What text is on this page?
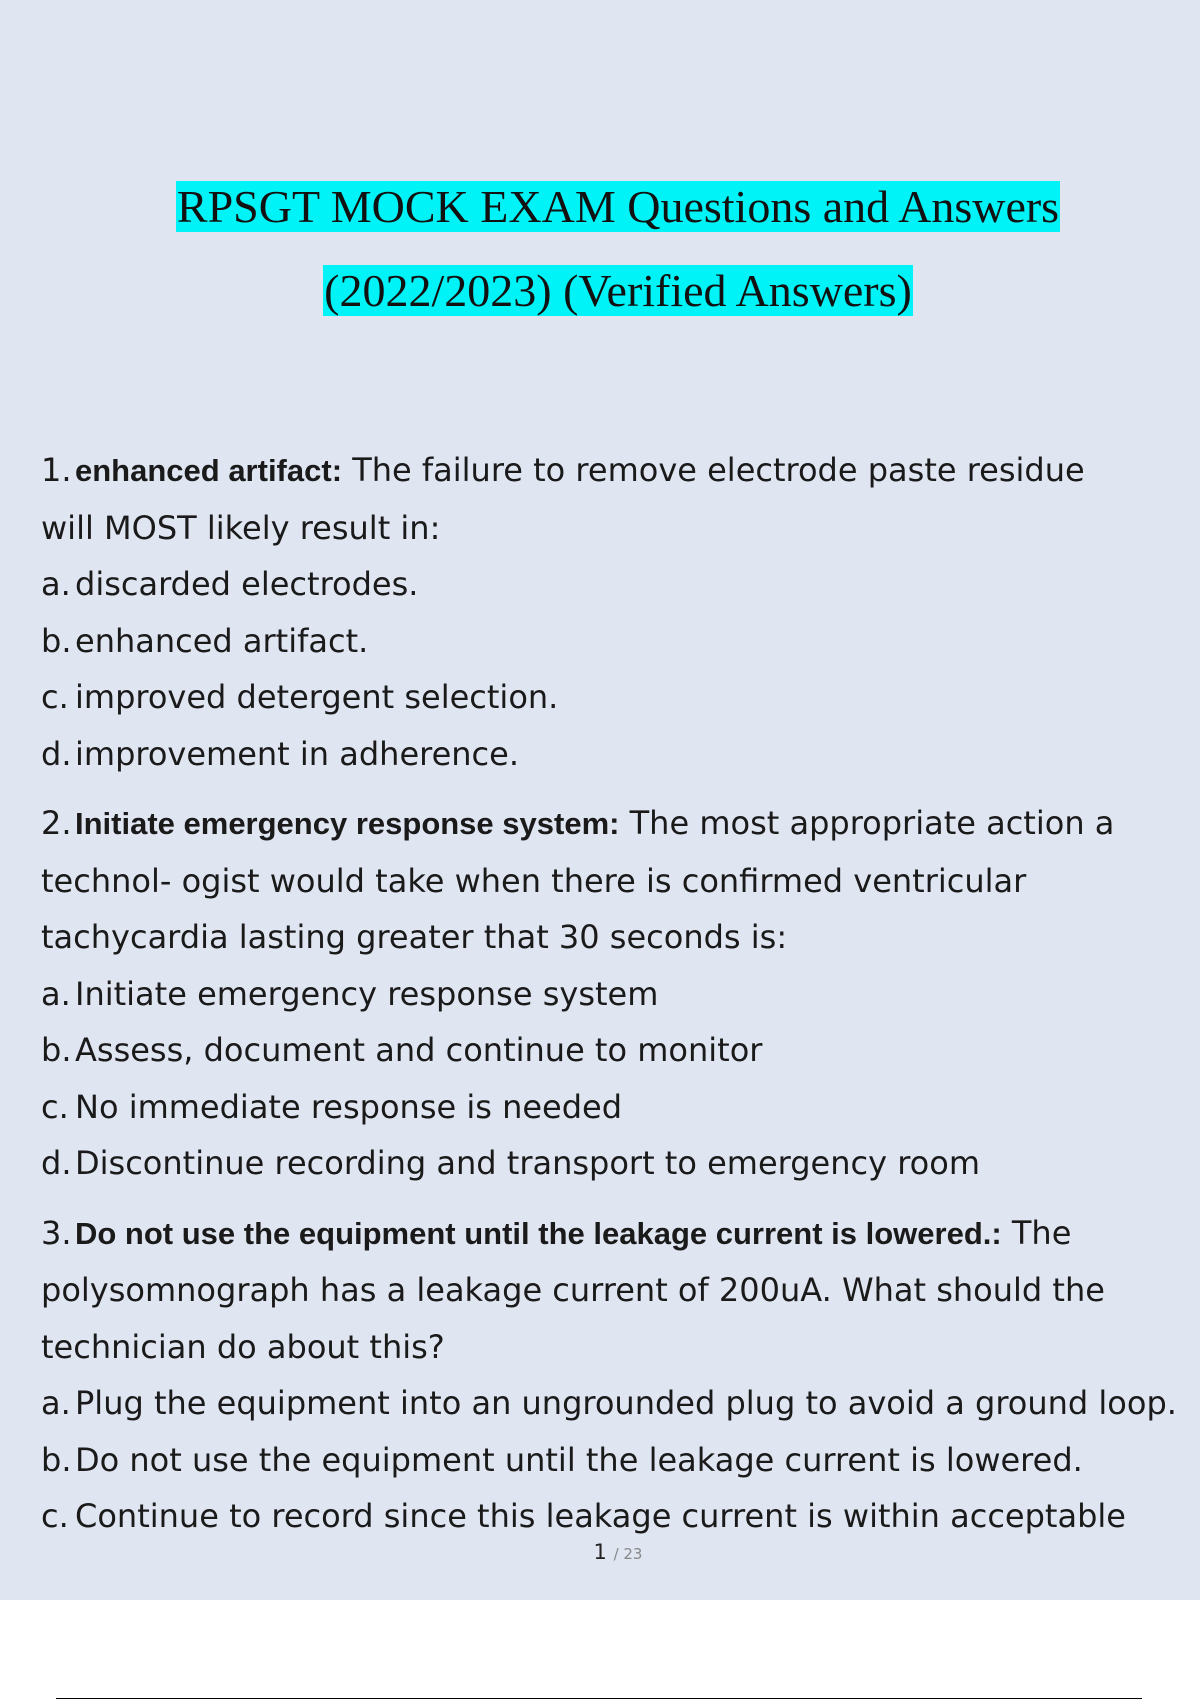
RPSGT MOCK EXAM Questions and Answers
(2022/2023) (Verified Answers)
1. enhanced artifact: The failure to remove electrode paste residue
will MOST likely result in:
a. discarded electrodes.
b. enhanced artifact.
c. improved detergent selection.
d. improvement in adherence.
2. Initiate emergency response system: The most appropriate action a
technol- ogist would take when there is confirmed ventricular
tachycardia lasting greater that 30 seconds is:
a. Initiate emergency response system
b. Assess, document and continue to monitor
c. No immediate response is needed
d. Discontinue recording and transport to emergency room
3. Do not use the equipment until the leakage current is lowered.: The
polysomnograph has a leakage current of 200uA. What should the
technician do about this?
a. Plug the equipment into an ungrounded plug to avoid a ground loop.
b. Do not use the equipment until the leakage current is lowered.
c. Continue to record since this leakage current is within acceptable
1 / 23
